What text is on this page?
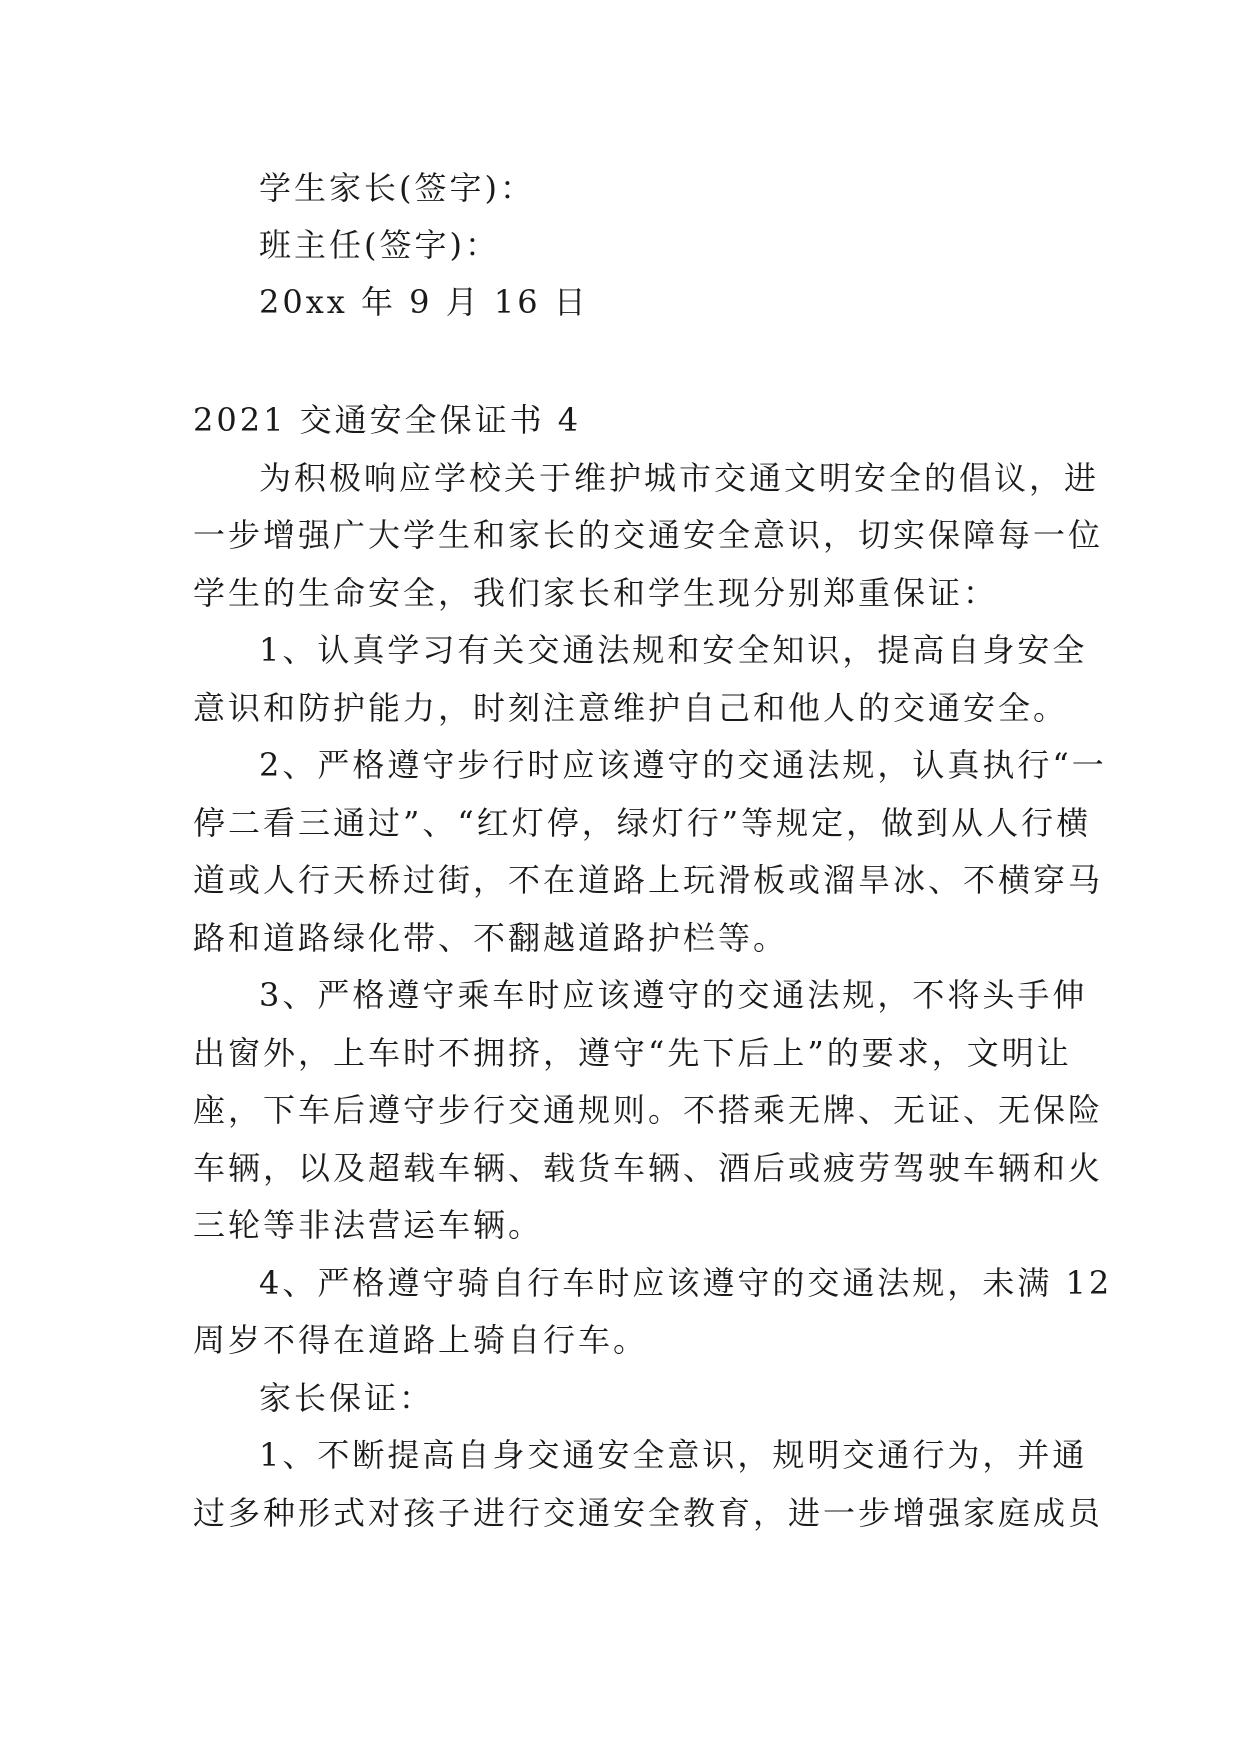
学生家长(签字)：
班主任(签字)：
20xx 年 9 月 16 日
2021 交通安全保证书 4
为积极响应学校关于维护城市交通文明安全的倡议，进
一步增强广大学生和家长的交通安全意识，切实保障每一位
学生的生命安全，我们家长和学生现分别郑重保证：
1、认真学习有关交通法规和安全知识，提高自身安全
意识和防护能力，时刻注意维护自己和他人的交通安全。
2、严格遵守步行时应该遵守的交通法规，认真执行“一
停二看三通过”、“红灯停，绿灯行”等规定，做到从人行横
道或人行天桥过街，不在道路上玩滑板或溜旱冰、不横穿马
路和道路绿化带、不翻越道路护栏等。
3、严格遵守乘车时应该遵守的交通法规，不将头手伸
出窗外，上车时不拥挤，遵守“先下后上”的要求，文明让
座，下车后遵守步行交通规则。不搭乘无牌、无证、无保险
车辆，以及超载车辆、载货车辆、酒后或疲劳驾驶车辆和火
三轮等非法营运车辆。
4、严格遵守骑自行车时应该遵守的交通法规，未满 12
周岁不得在道路上骑自行车。
家长保证：
1、不断提高自身交通安全意识，规明交通行为，并通
过多种形式对孩子进行交通安全教育，进一步增强家庭成员
